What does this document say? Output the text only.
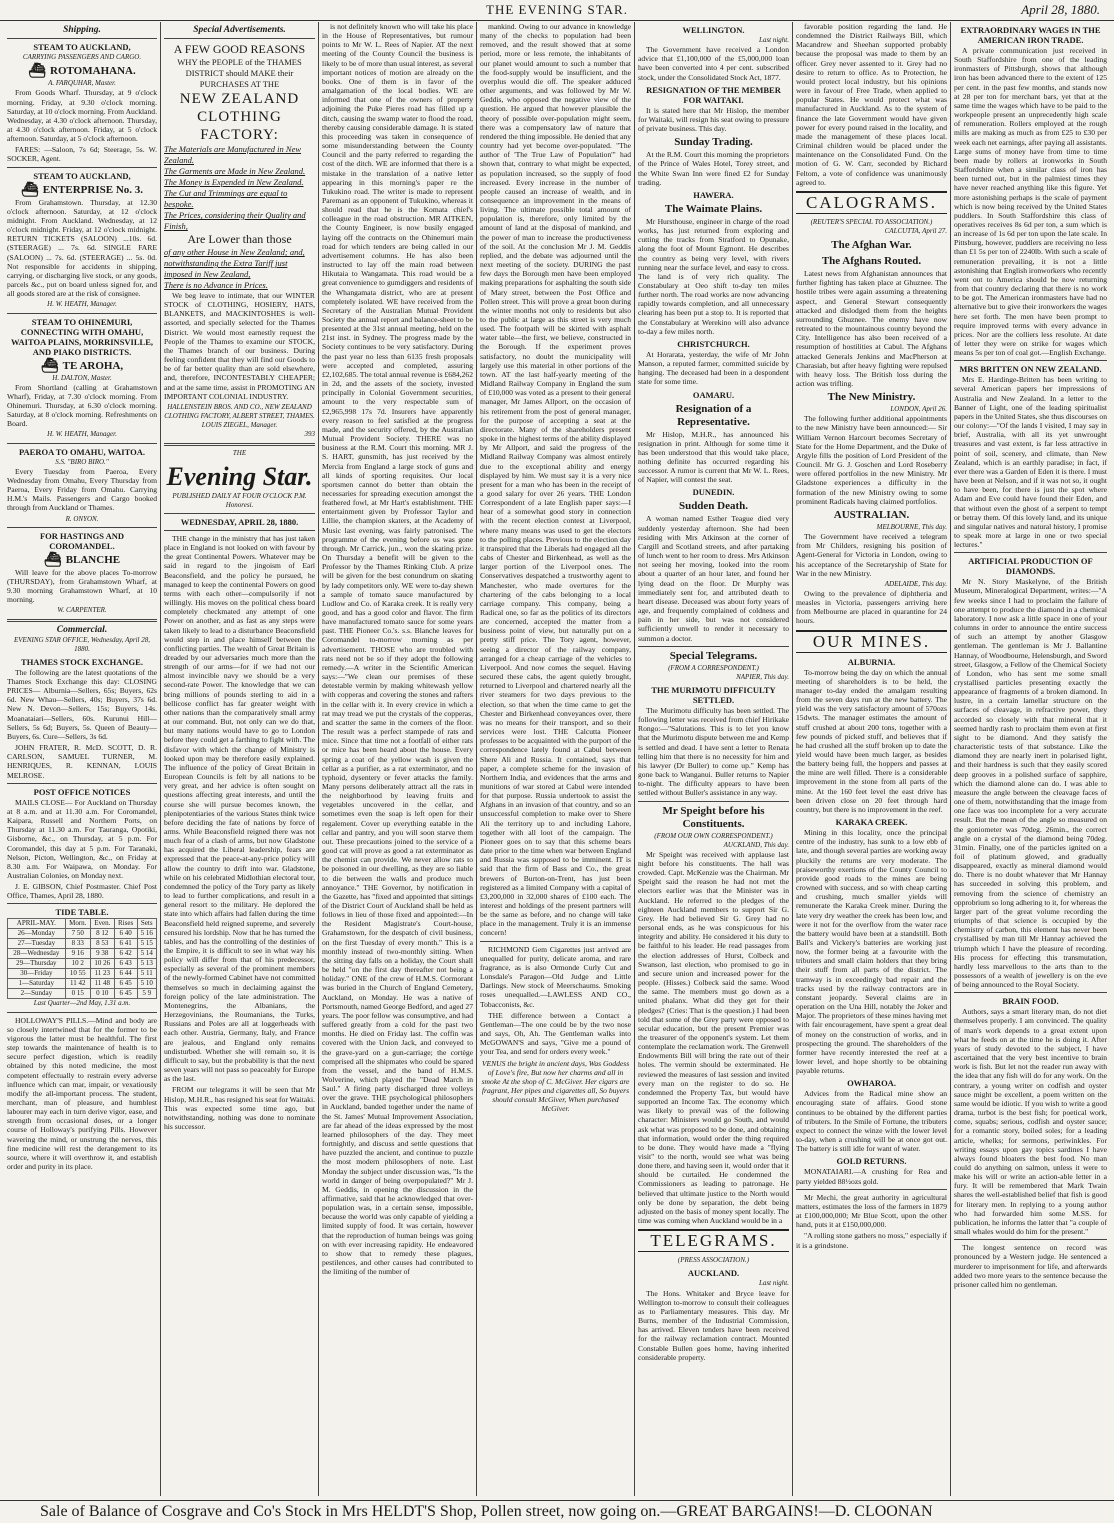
THE EVENING STAR.	April 28, 1880.
Shipping.
STEAM TO AUCKLAND,
CARRYING PASSENGERS AND CARGO.
⛴ ROTOMAHANA.
A. FARQUHAR, Master.

From Goods Wharf. Thursday, at 9 o'clock morning. Friday, at 9.30 o'clock morning. Saturday, at 10 o'clock morning. From Auckland. Wednesday, at 4.30 o'clock afternoon. Thursday, at 4.30 o'clock afternoon. Friday, at 5 o'clock afternoon. Saturday, at 5 o'clock afternoon.

FARES: —Saloon, 7s 6d; Steerage, 5s. W. SOCKER, Agent.

STEAM TO AUCKLAND,
⛴ ENTERPRISE No. 3.

From Grahamstown. Thursday, at 12.30 o'clock afternoon. Saturday, at 12 o'clock midnight. From Auckland. Wednesday, at 12 o'clock midnight. Friday, at 12 o'clock midnight. RETURN TICKETS (SALOON) ...10s. 6d. (STEERAGE) ... 7s. 6d. SINGLE FARE (SALOON) ... 7s. 6d. (STEERAGE) ... 5s. 0d. Not responsible for accidents in shipping, carrying, or discharging live stock, or any goods, parcels &c., put on board unless signed for, and all goods stored are at the risk of consignee.

H. W. HEATH, Manager.
STEAM TO OHINEMURI, CONNECTING WITH OMAHU, WAITOA PLAINS, MORRINSVILLE, AND PIAKO DISTRICTS.
⛴ TE AROHA,
H. DALTON, Master.

From Shortland (calling at Grahamstown Wharf), Friday, at 7.30 o'clock morning. From Ohinemuri. Thursday, at 6.30 o'clock morning. Saturday, at 8 o'clock morning. Refreshments on Board.

H. W. HEATH, Manager.
PAEROA TO OMAHU, WAITOA.
S.S. "BIRO BIRO."

Every Tuesday from Paeroa, Every Wednesday from Omahu, Every Thursday from Paeroa, Every Friday from Omahu. Carrying H.M.'s Mails. Passengers and Cargo booked through from Auckland or Thames.

R. ONYON.
FOR HASTINGS AND COROMANDEL.
⛴ BLANCHE

Will leave for the above places To-morrow (THURSDAY), from Grahamstown Wharf, at 9.30 morning Grahamstown Wharf, at 10 morning.

W. CARPENTER.
Commercial.
EVENING STAR OFFICE, Wednesday, April 28, 1880.
THAMES STOCK EXCHANGE.

The following are the latest quotations of the Thames Stock Exchange this day: CLOSING PRICES— Alburnia—Sellers, 65s; Buyers, 62s 6d. New Whau—Sellers, 40s; Buyers, 37s 6d. New N. Devon—Sellers, 15s; Buyers, 14s. Moanataiari—Sellers, 60s. Kurunui Hill—Sellers, 5s 6d; Buyers, 5s. Queen of Beauty—Buyers, 6s. Cure—Sellers, 3s 6d.

JOHN FRATER, R. McD. SCOTT, D. R. CARLSON, SAMUEL TURNER, M. HENRIQUES, R. KENNAN, LOUIS MELROSE.

POST OFFICE NOTICES

MAILS CLOSE— For Auckland on Thursday at 8 a.m. and at 11.30 a.m. For Coromandel, Kaipara, Russell and Northern Ports, on Thursday at 11.30 a.m. For Tauranga, Opotiki, Gisborne, &c., on Thursday, at 5 p.m. For Coromandel, this day at 5 p.m. For Taranaki, Nelson, Picton, Wellington, &c., on Friday at 8.30 a.m. For Waipawa, on Monday. For Australian Colonies, on Monday next.

J. E. GIBSON, Chief Postmaster. Chief Post Office, Thames, April 28, 1880.

TIDE TABLE.
APRIL-MAY.	Morn.	Even.	Rises	Sets
26—Monday	7 50	8 12	6 40	5 16
27—Tuesday	8 33	8 53	6 41	5 15
28—Wednesday	9 16	9 38	6 42	5 14
29—Thursday	10 2	10 26	6 43	5 13
30—Friday	10 55	11 23	6 44	5 11
1—Saturday	11 42	11 48	6 45	5 10
2—Sunday	0 15	0 10	6 45	5 9
Last Quarter—2nd May, 1.31 a.m.

HOLLOWAY'S PILLS.—Mind and body are so closely intertwined that for the former to be vigorous the latter must be healthful. The first step towards the maintenance of health is to secure perfect digestion, which is readily obtained by this noted medicine, the most competent effectually to restrain every adverse influence which can mar, impair, or vexatiously modify the all-important process. The student, merchant, man of pleasure, and humblest labourer may each in turn derive vigor, ease, and strength from occasional doses, or a longer course of Holloway's purifying Pills. However wavering the mind, or unstrung the nerves, this fine medicine will rest the derangement to its source, where it will overthrow it, and establish order and purity in its place.

Special Advertisements.
A FEW GOOD REASONS
WHY the PEOPLE of the THAMES DISTRICT should MAKE their PURCHASES AT THE
NEW ZEALAND CLOTHING FACTORY:
The Materials are Manufactured in New Zealand.
The Garments are Made in New Zealand.
The Money is Expended in New Zealand.
The Cut and Trimmings are equal to bespoke.
The Prices, considering their Quality and Finish,
Are Lower than those
of any other House in New Zealand; and, notwithstanding the Extra Tariff just imposed in New Zealand,
There is no Advance in Prices.

We beg leave to intimate, that our WINTER STOCK of CLOTHING, HOSIERY, HATS, BLANKETS, and MACKINTOSHES is well-assorted, and specially selected for the Thames District. We would most earnestly request the People of the Thames to examine our STOCK, the Thames branch of our business. During feeling confident that they will find our Goods to be of far better quality than are sold elsewhere, and, therefore, INCONTESTABLY CHEAPER; and at the same time, assist in PROMOTING AN IMPORTANT COLONIAL INDUSTRY.

HALLENSTEIN BROS. AND CO., NEW ZEALAND CLOTHING FACTORY, ALBERT STREET, THAMES.
LOUIS ZIEGEL, Manager.
393
THE
Evening Star.
PUBLISHED DAILY AT FOUR O'CLOCK P.M.
Honoresi.
WEDNESDAY, APRIL 28, 1880.

THE change in the ministry that has just taken place in England is not looked on with favour by the great Continental Powers. Whatever may be said in regard to the jingoism of Earl Beaconsfield, and the policy he pursued, he managed to keep the continental Powers on good terms with each other—compulsorily if not willingly. His moves on the political chess board completely checkmated any attempt of one Power on another, and as fast as any steps were taken likely to lead to a disturbance Beaconsfield would step in and place himself between the conflicting parties. The wealth of Great Britain is dreaded by our adversaries much more than the strength of our arms—for if we had not our almost invincible navy we should be a very second-rate Power. The knowledge that we can bring millions of pounds sterling to aid in a bellicose conflict has far greater weight with other nations than the comparatively small army at our command. But, not only can we do that, but many nations would have to go to London before they could get a farthing to fight with. The disfavor with which the change of Ministry is looked upon may be therefore easily explained. The influence of the policy of Great Britain in European Councils is felt by all nations to be very great, and her advice is often sought on questions affecting great interests, and until the course she will pursue becomes known, the plenipotentiaries of the various States think twice before deciding the fate of nations by force of arms. While Beaconsfield reigned there was not much fear of a clash of arms, but now Gladstone has acquired the Liberal leadership, fears are expressed that the peace-at-any-price policy will allow the country to drift into war. Gladstone, while on his celebrated Midlothian electoral tour, condemned the policy of the Tory party as likely to lead to further complications, and result in a general resort to the military. He deplored the state into which affairs had fallen during the time Beaconsfield held reigned supreme, and severely censured his lordship. Now that he has turned the tables, and has the controlling of the destinies of the Empire, it is difficult to see in what way his policy will differ from that of his predecessor, especially as several of the prominent members of the newly-formed Cabinet have not committed themselves so much in declaiming against the foreign policy of the late administration. The Montenegrins, the Albanians, the Herzegovinians, the Roumanians, the Turks, Russians and Poles are all at loggerheads with each other. Austria, Germany, Italy, and France are jealous, and England only remains undisturbed. Whether she will remain so, it is difficult to say, but the probability is that the next seven years will not pass so peaceably for Europe as the last.

FROM our telegrams it will be seen that Mr Hislop, M.H.R., has resigned his seat for Waitaki. This was expected some time ago, but notwithstanding, nothing was done to nominate his successor.

is not definitely known who will take his place in the House of Representatives, but rumour points to Mr W. L. Rees of Napier. AT the next meeting of the County Council the business is likely to be of more than usual interest, as several important notices of motion are already on the books. One of them is in favor of the amalgamation of the local bodies. WE are informed that one of the owners of property adjoining the Puke Pieres road has filled up a ditch, causing the swamp water to flood the road, thereby causing considerable damage. It is stated this proceeding was taken in consequence of some misunderstanding between the County Council and the party referred to regarding the cost of the ditch. WE are informed that there is a mistake in the translation of a native letter appearing in this morning's paper re the Tukukino road. The writer is made to represent Paremani as an opponent of Tukukino, whereas it should read that he is the Komata chief's colleague in the road obstruction. MR AITKEN, the County Engineer, is now busily engaged laying off the contracts on the Ohinemuri main road for which tenders are being called in our advertisement columns. He has also been instructed to lay off the main road between Hikutaia to Wangamata. This road would be a great convenience to gumdiggers and residents of the Whangamata district, who are at present completely isolated. WE have received from the Secretary of the Australian Mutual Provident Society the annual report and balance-sheet to be presented at the 31st annual meeting, held on the 21st inst. in Sydney. The progress made by the Society continues to be very satisfactory. During the past year no less than 6135 fresh proposals were accepted and completed, assuring £2,102,685. The total annual revenue is £684,262 in 2d, and the assets of the society, invested principally in Colonial Government securities, amount to the very respectable sum of £2,965,998 17s 7d. Insurers have apparently every reason to feel satisfied at the progress made, and the security offered, by the Australian Mutual Provident Society. THERE was no business at the R.M. Court this morning. MR J. S. HART, gunsmith, has just received by the Mercia from England a large stock of guns and all kinds of sporting requisites. Our local sportsmen cannot do better than obtain the necessaries for spreading execution amongst the feathered fowl, at Mr Hart's establishment. THE entertainment given by Professor Taylor and Lillie, the champion skaters, at the Academy of Music last evening, was fairly patronised. The programme of the evening before us was gone through. Mr Carrick, jun., won the skating prize. On Thursday a benefit will be given to the Professor by the Thames Rinking Club. A prize will be given for the best conundrum on skating by lady competitors only. WE were to-day shewn a sample of tomato sauce manufactured by Ludlow and Co. of Karaka creek. It is really very good, and has a good color and flavor. The firm have manufactured tomato sauce for some years past. THE Pioneer Co.'s. s.s. Blanche leaves for Coromandel to-morrow morning as per advertisement. THOSE who are troubled with rats need not be so if they adopt the following remedy.—A writer in the Scientific American says:—"We clean our premises of these detestable vermin by making whitewash yellow with copperas and covering the stones and rafters in the cellar with it. In every crevice in which a rat may tread we put the crystals of the copperas, and scatter the same in the corners of the floor. The result was a perfect stampede of rats and mice. Since that time not a footfall of either rats or mice has been heard about the house. Every spring a coat of the yellow wash is given the cellar as a purifier, as a rat exterminator, and no typhoid, dysentery or fever attacks the family. Many persons deliberately attract all the rats in the neighborhood by leaving fruits and vegetables uncovered in the cellar, and sometimes even the soap is left open for their regalement. Cover up everything eatable in the cellar and pantry, and you will soon starve them out. These precautions joined to the service of a good cat will prove as good a rat exterminator as the chemist can provide. We never allow rats to be poisoned in our dwelling, as they are so liable to die between the walls and produce much annoyance." THE Governor, by notification in the Gazette, has "fixed and appointed that sittings of the District Court of Auckland shall be held as follows in lieu of those fixed and appointed:—In the Resident Magistrate's Court-house, Grahamstown, for the despatch of civil business, on the first Tuesday of every month." This is a monthly instead of two-monthly sitting. When the sitting day falls on a holiday, the Court shall be held "on the first day thereafter not being a holiday." ONE of the crew of H.M.S. Cormorant was buried in the Church of England Cemetery, Auckland, on Monday. He was a native of Portsmouth, named George Bedford, and aged 27 years. The poor fellow was consumptive, and had suffered greatly from a cold for the past two months. He died on Friday last. The coffin was covered with the Union Jack, and conveyed to the grave-yard on a gun-carriage; the cortège comprised all the shipmates who could be spared from the vessel, and the band of H.M.S. Wolverine, which played the "Dead March in Saul." A firing party discharged three volleys over the grave. THE psychological philosophers in Auckland, banded together under the name of the St. James' Mutual Improvement Association, are far ahead of the ideas expressed by the most learned philosophers of the day. They meet fortnightly, and discuss and settle questions that have puzzled the ancient, and continue to puzzle the most modern philosophers of note. Last Monday the subject under discussion was, "Is the world in danger of being overpopulated?" Mr J. M. Geddis, in opening the discussion in the affirmative, said that he acknowledged that over-population was, in a certain sense, impossible, because the world was only capable of yielding a limited supply of food. It was certain, however that the reproduction of human beings was going on with ever increasing rapidity. He endeavored to show that to remedy these plagues, pestilences, and other causes had contributed to the limiting of the number of

mankind. Owing to our advance in knowledge many of the checks to population had been removed, and the result showed that at some period, more or less remote, the inhabitants of our planet would amount to such a number that the food-supply would be insufficient, and the overplus would die off. The speaker adduced other arguments, and was followed by Mr W. Geddis, who opposed the negative view of the question. He argued that however plausible the theory of possible over-population might seem, there was a compensatory law of nature that rendered the thing impossible. He denied that any country had yet become over-populated. "The author of 'The True Law of Population'" had shown that, contrary to what might be expected, as population increased, so the supply of food increased. Every increase in the number of people caused an increase of wealth, and in consequence an improvement in the means of living. The ultimate possible total amount of population is, therefore, only limited by the amount of land at the disposal of mankind, and the power of man to increase the productiveness of the soil. At the conclusion Mr J. M. Geddis replied, and the debate was adjourned until the next meeting of the society. DURING the past few days the Borough men have been employed making preparations for asphalting the south side of Mary street, between the Post Office and Pollen street. This will prove a great boon during the winter months not only to residents but also to the public at large as this street is very much used. The footpath will be skirted with asphalt water table—the first, we believe, constructed in the Borough. If the experiment proves satisfactory, no doubt the municipality will largely use this material in other portions of the town. AT the last half-yearly meeting of the Midland Railway Company in England the sum of £10,000 was voted as a present to their general manager, Mr James Allport, on the occasion of his retirement from the post of general manager, for the purpose of accepting a seat at the directorate. Many of the shareholders present spoke in the highest terms of the ability displayed by Mr Allport, and said the progress of the Midland Railway Company was almost entirely due to the exceptional ability and energy displayed by him. We must say it is a very nice present for a man who has been in the receipt of a good salary for over 26 years. THE London Correspondent of a late English paper says:—I hear of a somewhat good story in connection with the recent election contest at Liverpool, where many means was used to get the electors to the polling places. Previous to the election day it transpired that the Liberals had engaged all the cabs of Chester and Birkenhead, as well as the larger portion of the Liverpool ones. The Conservatives despatched a trustworthy agent to Manchester, who made overtures for the chartering of the cabs belonging to a local carriage company. This company, being a Radical one, so far as the politics of its directors are concerned, accepted the matter from a business point of view, but naturally put on a pretty stiff price. The Tory agent, however, seeing a director of the railway company, arranged for a cheap carriage of the vehicles to Liverpool. And now comes the sequel. Having secured these cabs, the agent quietly brought, returned to Liverpool and chartered nearly all the river steamers for two days previous to the election, so that when the time came to get the Chester and Birkenhead conveyances over, there was no means for their transport, and so their services were lost. THE Calcutta Pioneer professes to be acquainted with the purport of the correspondence lately found at Cabul between Shere Ali and Russia. It contained, says that paper, a complete scheme for the invasion of Northern India, and evidences that the arms and munitions of war stored at Cabul were intended for that purpose. Russia undertook to assist the Afghans in an invasion of that country, and so an unsuccessful completion to make over to Shere Ali the territory up to and including Lahore, together with all loot of the campaign. The Pioneer goes on to say that this scheme bears date prior to the time when war between England and Russia was supposed to be imminent. IT is said that the firm of Bass and Co., the great brewers of Burton-on-Trent, has just been registered as a limited Company with a capital of £3,200,000 in 32,000 shares of £100 each. The interest and holdings of the present partners will be the same as before, and no change will take place in the management. Truly it is an immense concern!

RICHMOND Gem Cigarettes just arrived are unequalled for purity, delicate aroma, and rare fragrance, as is also Ormonde Curly Cut and Lonsdale's Paragon—Old Judge and Little Darlings. New stock of Meerschaums. Smoking roses unequalled.—LAWLESS AND CO., Tobacconists, &c.

THE difference between a Contact a Gentleman—The one could be by the two nose and says, Oh, Ah. The Gentleman walks into McGOWAN'S and says, "Give me a pound of your Tea, and send for orders every week."

VENUS the bright in ancient days, Was Goddess of Love's fire, But now her charms and all in smoke At the shop of C. McGiver. Her cigars are fragrant, Her pipes and cigarettes all, So buyers should consult McGiver, When purchased McGiver.

WELLINGTON.
Last night.

The Government have received a London advice that £1,100,000 of the £5,000,000 loan have been converted into 4 per cent. subscribed stock, under the Consolidated Stock Act, 1877.

RESIGNATION OF THE MEMBER FOR WAITAKI.

It is stated here that Mr Hislop, the member for Waitaki, will resign his seat owing to pressure of private business. This day.

Sunday Trading.

At the R.M. Court this morning the proprietors of the Prince of Wales Hotel, Torey street, and the White Swan Inn were fined £2 for Sunday trading.

HAWERA.
The Waimate Plains.

Mr Hursthouse, engineer in charge of the road works, has just returned from exploring and cutting the tracks from Stratford to Opunake, along the foot of Mount Egmont. He describes the country as being very level, with rivers running near the surface level, and easy to cross. The land is of very rich quality. The Constabulary at Oeo shift to-day ten miles further north. The road works are now advancing rapidly towards completion, and all unnecessary clearing has been put a stop to. It is reported that the Constabulary at Werekino will also advance to-day a few miles north.

CHRISTCHURCH.

At Horarata, yesterday, the wife of Mr John Manson, a reputed farmer, committed suicide by hanging. The deceased had been in a despondent state for some time.

OAMARU.
Resignation of a Representative.

Mr Hislop, M.H.R., has announced his resignation in print. Although for some time it has been understood that this would take place, nothing definite has occurred regarding his successor. A rumor is current that Mr W. L. Rees, of Napier, will contest the seat.

DUNEDIN.
Sudden Death.

A woman named Esther Teague died very suddenly yesterday afternoon. She had been residing with Mrs Atkinson at the corner of Cargill and Scotland streets, and after partaking of lunch went to her room to dress. Mrs Atkinson not seeing her moving, looked into the room about a quarter of an hour later, and found her lying dead on the floor. Dr Murphy was immediately sent for, and attributed death to heart disease. Deceased was about forty years of age, and frequently complained of coldness and pain in her side, but was not considered sufficiently unwell to render it necessary to summon a doctor.

Special Telegrams.
(FROM A CORRESPONDENT.)
NAPIER, This day.
THE MURIMOTU DIFFICULTY SETTLED.

The Murimotu difficulty has been settled. The following letter was received from chief Hirikake Rongo:—"Salutations. This is to let you know that the Murimotu dispute between me and Kemp is settled and dead. I have sent a letter to Renata telling him that there is no necessity for him and his lawyer (Dr Buller) to come up." Kemp has gone back to Wanganui. Buller returns to Napier to-night. The difficulty appears to have been settled without Buller's assistance in any way.

Mr Speight before his Constituents.
(FROM OUR OWN CORRESPONDENT.)
AUCKLAND, This day.

Mr Speight was received with applause last night before his constituents. The hall was crowded. Capt. McKenzie was the Chairman. Mr Speight said the reason he had not met the electors earlier was that the Minister was in Auckland. He referred to the pledges of the eighteen Auckland members to support Sir G. Grey. He had believed Sir G. Grey had no personal ends, as he was conspicuous for his integrity and ability. He considered it his duty to be faithful to his leader. He read passages from the election addresses of Hurst, Colbeck and Swanson, last election, who promised to go in and secure union and increased power for the people. (Hisses.) Colbeck said the same. Wood the same. The members must go down as a united phalanx. What did they get for their pledges? (Cries: That is the question.) I had been told that some of the Grey party were opposed to secular education, but the present Premier was the treasurer of the opponent's system. Let them contemplate the reclamation work. The Grenwell Endowments Bill will bring the rate out of their holes. The vermin should be exterminated. He reviewed the measures of last session and invited every man on the register to do so. He condemned the Property Tax, but would have supported an Income Tax. The economy which was likely to prevail was of the following character: Ministers would go South, and would ask what was proposed to be done, and obtaining that information, would order the thing required to be done. They would have made a "flying visit" to the north, would see what was being done there, and having seen it, would order that it should be curtailed. He condemned the Commissioners as leading to patronage. He believed that ultimate justice to the North would only be done by separation, the debt being adjusted on the basis of money spent locally. The time was coming when Auckland would be in a

TELEGRAMS.
(PRESS ASSOCIATION.)
AUCKLAND.
Last night.

The Hons. Whitaker and Bryce leave for Wellington to-morrow to consult their colleagues as to Parliamentary measures. This day. Mr Burns, member of the Industrial Commission, has arrived. Eleven tenders have been received for the railway reclamation contract. Mounted Constable Bullen goes home, having inherited considerable property.

favorable position regarding the land. He condemned the District Railways Bill, which Macandrew and Sheehan supported probably because the proposal was made to them by an officer. Grey never assented to it. Grey had no desire to return to office. As to Protection, he would protect local industry, but his opinions were in favour of Free Trade, when applied to popular States. He would protect what was manufactured in Auckland. As to the system of finance the late Government would have given power for every pound raised in the locality, and made the management of these places local. Criminal children would be placed under the maintenance on the Consolidated Fund. On the motion of G. W. Carr, seconded by Richard Feltom, a vote of confidence was unanimously agreed to.

CALOGRAMS.
(REUTER'S SPECIAL TO ASSOCIATION.)
CALCUTTA, April 27.
The Afghan War.
The Afghans Routed.

Latest news from Afghanistan announces that further fighting has taken place at Ghuznee. The hostile tribes were again assuming a threatening aspect, and General Stewart consequently attacked and dislodged them from the heights surrounding Ghuznee. The enemy have now retreated to the mountainous country beyond the City. Intelligence has also been received of a resumption of hostilities at Cabul. The Afghans attacked Generals Jenkins and MacPherson at Charasiab, but after heavy fighting were repulsed with heavy loss. The British loss during the action was trifling.

The New Ministry.
LONDON, April 26.

The following further additional appointments to the new Ministry have been announced:— Sir William Vernon Harcourt becomes Secretary of State for the Home Department, and the Duke of Argyle fills the position of Lord President of the Council. Mr G. J. Goschen and Lord Roseberry were offered portfolios in the new Ministry. Mr Gladstone experiences a difficulty in the formation of the new Ministry owing to some prominent Radicals having claimed portfolios.

AUSTRALIAN.
MELBOURNE, This day.

The Government have received a telegram from Mr Childers, resigning his position of Agent-General for Victoria in London, owing to his acceptance of the Secretaryship of State for War in the new Ministry.

ADELAIDE, This day.

Owing to the prevalence of diphtheria and measles in Victoria, passengers arriving here from Melbourne are placed in quarantine for 24 hours.

OUR MINES.
ALBURNIA.

To-morrow being the day on which the annual meeting of shareholders is to be held, the manager to-day ended the amalgam resulting from the seven days run at the new battery. The yield was the very satisfactory amount of 570ozs 15dwts. The manager estimates the amount of stuff crushed at about 200 tons, together with a few pounds of picked stuff, and believes that if he had crushed all the stuff broken up to date the yield would have been much larger, as besides the battery being full, the hoppers and passes at the mine are well filled. There is a considerable improvement in the stone from all parts of the mine. At the 160 feet level the east drive has been driven close on 20 feet through hard country, but there is no improvement in the reef.

KARAKA CREEK.

Mining in this locality, once the principal centre of the industry, has sunk to a low ebb of late, and though several parties are working away pluckily the returns are very moderate. The praiseworthy exertions of the County Council to provide good roads to the mines are being crowned with success, and so with cheap carting and crushing, much smaller yields will remunerate the Karaka Creek miner. During the late very dry weather the creek has been low, and were it not for the overflow from the water race the battery would have been at a standstill. Both Ball's and Vickery's batteries are working just now, the former being at a favourite with the tributers and small claim holders that they bring their stuff from all parts of the district. The tramway is in exceedingly bad repair and the tracks used by the railway contractors are in constant jeopardy. Several claims are in operation on the Una Hill, notably the Joker and Major. The proprietors of these mines having met with fair encouragement, have spent a great deal of money on the construction of works, and in prospecting the ground. The shareholders of the former have recently interested the reef at a lower level, and hope shortly to be obtaining payable returns.

OWHAROA.

Advices from the Radical mine show an encouraging state of affairs. Good stone continues to be obtained by the different parties of tributers. In the Smile of Fortune, the tributers expect to connect the winze with the lower level to-day, when a crushing will be at once got out. The battery is still idle for want of water.

GOLD RETURNS.

MONATAIARI.—A crushing for Rea and party yielded 88½ozs gold.

Mr Mechi, the great authority in agricultural matters, estimates the loss of the farmers in 1879 at £100,000,000; Mr Blue Scott, upon the other hand, puts it at £150,000,000.

"A rolling stone gathers no moss," especially if it is a grindstone.

EXTRAORDINARY WAGES IN THE AMERICAN IRON TRADE.

A private communication just received in South Staffordshire from one of the leading ironmasters of Pittsburgh, shows that although iron has been advanced there to the extent of 125 per cent. in the past few months, and stands now at 28 per ton for merchant bars, yet that at the same time the wages which have to be paid to the workpeople present an unprecedently high scale of remuneration. Rollers employed at the rough mills are making as much as from £25 to £30 per week each net earnings, after paying all assistants. Large sums of money have from time to time been made by rollers at ironworks in South Staffordshire when a similar class of iron has been turned out, but in the palmiest times they have never reached anything like this figure. Yet more astonishing perhaps is the scale of payment which is now being received by the United States puddlers. In South Staffordshire this class of operatives receives 8s 6d per ton, a sum which is an increase of 1s 6d per ton upon the late scale. In Pittsburg, however, puddlers are receiving no less than £1 5s per ton of 2240lb. With such a scale of remuneration prevailing, it is not a little astonishing that English ironworkers who recently went out to America should be now returning from that country declaring that there is no work to be got. The American ironmasters have had no alternative but to give their ironworkers the wages here set forth. The men have been prompt to require improved terms with every advance in prices. Nor are the colliers less resolute. At date of letter they were on strike for wages which means 5s per ton of coal got.—English Exchange.

MRS BRITTEN ON NEW ZEALAND.

Mrs E. Hardinge-Britten has been writing to several American papers her impressions of Australia and New Zealand. In a letter to the Banner of Light, one of the leading spiritualist papers in the United States, she thus discourses on our colony:—"Of the lands I visited, I may say in brief, Australia, with all its yet unwrought treasures and vast extent, is far less attractive in point of soil, scenery, and climate, than New Zealand, which is an earthly paradise; in fact, if ever there was a Garden of Eden it is there. I must have been at Nelson, and if it was not so, it ought to have been, for there is just the spot where Adam and Eve could have found their Eden, and that without even the ghost of a serpent to tempt or betray them. Of this lovely land, and its unique and singular natives and natural history, I promise to speak more at large in one or two special lectures."

ARTIFICIAL PRODUCTION OF DIAMONDS.

Mr N. Story Maskelyne, of the British Museum, Mineralogical Department, writes:—"A few weeks since I had to proclaim the failure of one attempt to produce the diamond in a chemical laboratory. I now ask a little space in one of your columns in order to announce the entire success of such an attempt by another Glasgow gentleman. The gentleman is Mr J. Ballantine Hannay, of Woodbourne, Helensburgh, and Sword street, Glasgow, a Fellow of the Chemical Society of London, who has sent me some small crystallised particles presenting exactly the appearance of fragments of a broken diamond. In lustre, in a certain lamellar structure on the surfaces of cleavage, in refractive power, they accorded so closely with that mineral that it seemed hardly rash to proclaim them even at first sight to be diamond. And they satisfy the characteristic tests of that substance. Like the diamond they are nearly inert in polarised light, and their hardness is such that they easily scored deep grooves in a polished surface of sapphire, which the diamond alone can do. I was able to measure the angle between the cleavage faces of one of them, notwithstanding that the image from one face was too incomplete for a very accurate result. But the mean of the angle so measured on the goniometer was 70deg. 26min., the correct angle on a crystal of the diamond being 70deg. 31min. Finally, one of the particles ignited on a foil of platinum glowed, and gradually disappeared, exactly as mineral diamond would do. There is no doubt whatever that Mr Hannay has succeeded in solving this problem, and removing from the science of chemistry an opprobrium so long adhering to it, for whereas the larger part of the great volume recording the triumphs of that science is occupied by the chemistry of carbon, this element has never been crystallised by man till Mr Hannay achieved the triumph which I have the pleasure of recording. His process for effecting this transmutation, hardly less marvellous to the arts than to the possessors of a wealth of jewellery is on the eve of being announced to the Royal Society.

BRAIN FOOD.

Authors, says a smart literary man, do not diet themselves properly. I am convinced. The quality of man's work depends to a great extent upon what he feeds on at the time he is doing it. After years of study devoted to the subject, I have ascertained that the very best incentive to brain work is fish. But let not the reader run away with the idea that any fish will do for any work. On the contrary, a young writer on codfish and oyster sauce might be excellent, a poem written on the same would be idiotic. If you wish to write a good drama, turbot is the best fish; for poetical work, come, squabs; serious, codfish and oyster sauce; for a romantic story, boiled soles; for a leading article, whelks; for sermons, periwinkles. For writing essays upon gay topics sardines I have always found bloaters the best food. No man could do anything on salmon, unless it were to make his will or write an action-able letter in a fury. It will be remembered that Mark Twain shares the well-established belief that fish is good for literary men. In replying to a young author who had forwarded him some M.SS. for publication, he informs the latter that "a couple of small whales would do him for the present."

The longest sentence on record was pronounced by a Western judge. He sentenced a murderer to imprisonment for life, and afterwards added two more years to the sentence because the prisoner called him no gentleman.

Sale of Balance of Cosgrave and Co's Stock in Mrs HELDT'S Shop, Pollen street, now going on.—GREAT BARGAINS!—D. CLOONAN
